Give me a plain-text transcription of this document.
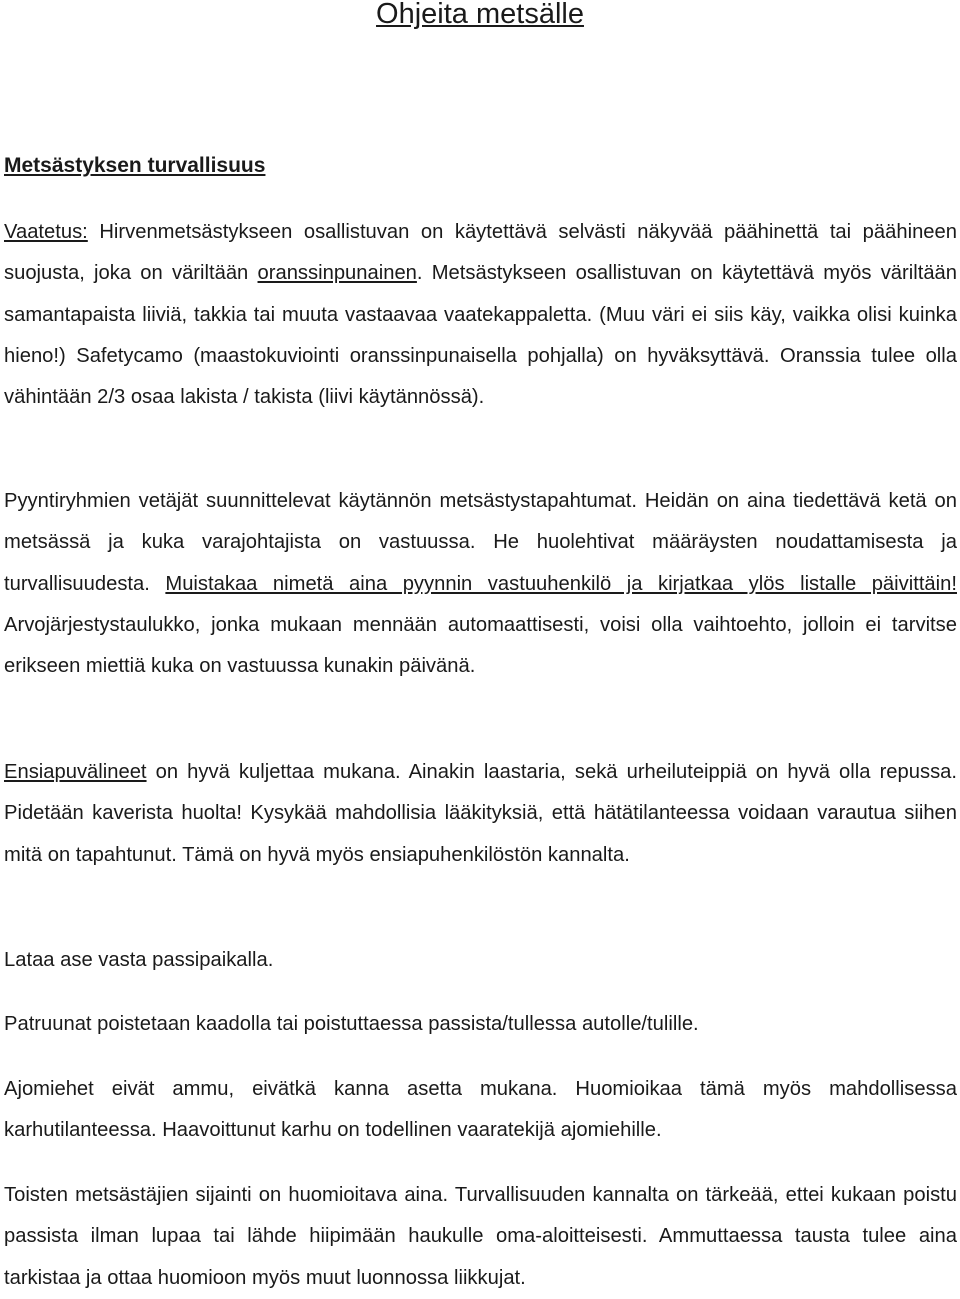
Ohjeita metsälle
Metsästyksen turvallisuus

Vaatetus: Hirvenmetsästykseen osallistuvan on käytettävä selvästi näkyvää päähinettä tai päähineen suojusta, joka on väriltään oranssinpunainen. Metsästykseen osallistuvan on käytettävä myös väriltään samantapaista liiviä, takkia tai muuta vastaavaa vaatekappaletta. (Muu väri ei siis käy, vaikka olisi kuinka hieno!) Safetycamo (maastokuviointi oranssinpunaisella pohjalla) on hyväksyttävä. Oranssia tulee olla vähintään 2/3 osaa lakista / takista (liivi käytännössä).

Pyyntiryhmien vetäjät suunnittelevat käytännön metsästystapahtumat. Heidän on aina tiedettävä ketä on metsässä ja kuka varajohtajista on vastuussa. He huolehtivat määräysten noudattamisesta ja turvallisuudesta. Muistakaa nimetä aina pyynnin vastuuhenkilö ja kirjatkaa ylös listalle päivittäin! Arvojärjestystaulukko, jonka mukaan mennään automaattisesti, voisi olla vaihtoehto, jolloin ei tarvitse erikseen miettiä kuka on vastuussa kunakin päivänä.

Ensiapuvälineet on hyvä kuljettaa mukana. Ainakin laastaria, sekä urheiluteippiä on hyvä olla repussa. Pidetään kaverista huolta! Kysykää mahdollisia lääkityksiä, että hätätilanteessa voidaan varautua siihen mitä on tapahtunut. Tämä on hyvä myös ensiapuhenkilöstön kannalta.

Lataa ase vasta passipaikalla.

Patruunat poistetaan kaadolla tai poistuttaessa passista/tullessa autolle/tulille.

Ajomiehet eivät ammu, eivätkä kanna asetta mukana. Huomioikaa tämä myös mahdollisessa karhutilanteessa. Haavoittunut karhu on todellinen vaaratekijä ajomiehille.

Toisten metsästäjien sijainti on huomioitava aina. Turvallisuuden kannalta on tärkeää, ettei kukaan poistu passista ilman lupaa tai lähde hiipimään haukulle oma-aloitteisesti. Ammuttaessa tausta tulee aina tarkistaa ja ottaa huomioon myös muut luonnossa liikkujat.
